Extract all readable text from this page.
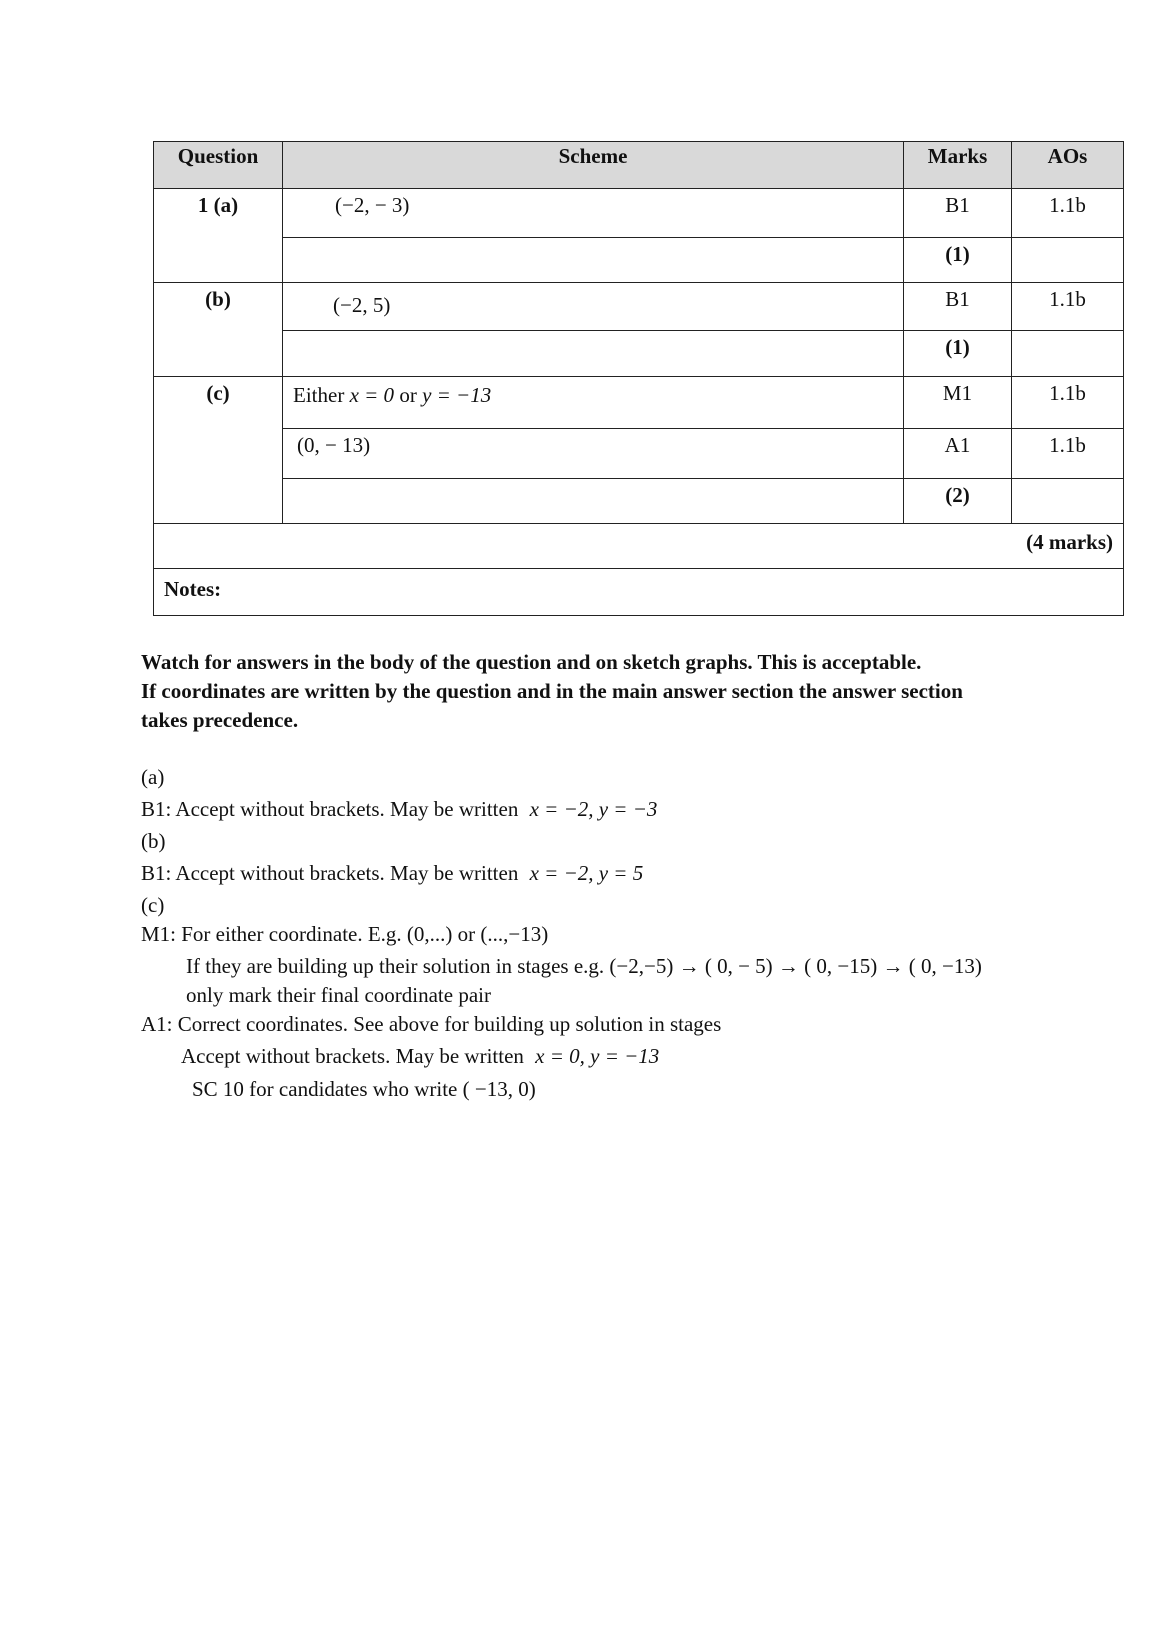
Question	Scheme	Marks	AOs
1 (a)	(−2, − 3)	B1	1.1b
		(1)	
(b)	(−2, 5)	B1	1.1b
		(1)	
(c)	Either x = 0 or y = −13	M1	1.1b
	(0, − 13)	A1	1.1b
		(2)	
(4 marks)			
Notes:			
Watch for answers in the body of the question and on sketch graphs. This is acceptable.
If coordinates are written by the question and in the main answer section the answer section
takes precedence.
(a)
B1: Accept without brackets. May be written x = −2, y = −3
(b)
B1: Accept without brackets. May be written x = −2, y = 5
(c)
M1: For either coordinate. E.g. (0,...) or (...,−13)
If they are building up their solution in stages e.g. (−2,−5) → ( 0, − 5) → ( 0, −15) → ( 0, −13)
only mark their final coordinate pair
A1: Correct coordinates. See above for building up solution in stages
Accept without brackets. May be written x = 0, y = −13
SC 10 for candidates who write ( −13, 0)
